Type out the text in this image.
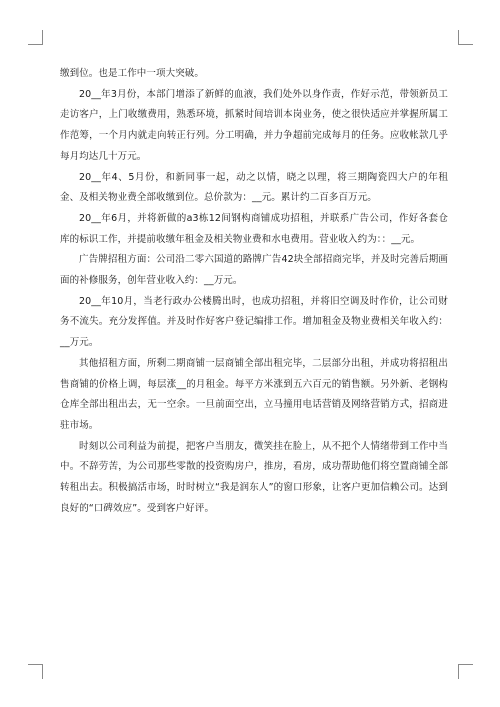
缴到位。也是工作中一项大突破。

20__年3月份，本部门增添了新鲜的血液，我们处外以身作责，作好示范，带领新员工走访客户，上门收缴费用，熟悉环境，抓紧时间培训本岗业务，使之很快适应并掌握所属工作范筹，一个月内就走向转正行列。分工明确，并力争超前完成每月的任务。应收帐款几乎每月均达几十万元。

20__年4、5月份，和新同事一起，动之以情，晓之以理，将三期陶瓷四大户的年租金、及相关物业费全部收缴到位。总价款为：__元。累计约二百多百万元。

20__年6月，并将新做的a3栋12间钢构商铺成功招租，并联系广告公司，作好各套仓库的标识工作，并提前收缴年租金及相关物业费和水电费用。营业收入约为：：__元。

广告牌招租方面：公司沿二零六国道的路牌广告42块全部招商完毕，并及时完善后期画面的补修服务，创年营业收入约：__万元。

20__年10月，当老行政办公楼腾出时，也成功招租，并将旧空调及时作价，让公司财务不流失。充分发挥值。并及时作好客户登记编排工作。增加租金及物业费相关年收入约：__万元。

其他招租方面，所剩二期商铺一层商铺全部出租完毕，二层部分出租，并成功将招租出售商铺的价格上调，每层涨__的月租金。每平方米涨到五六百元的销售额。另外新、老钢构仓库全部出租出去，无一空余。一旦前面空出，立马撞用电话营销及网络营销方式，招商进驻市场。

时刻以公司利益为前提，把客户当朋友，微笑挂在脸上，从不把个人情绪带到工作中当中。不辞劳苦，为公司那些零散的投资购房户，推房，看房，成功帮助他们将空置商铺全部转租出去。积极搞活市场，时时树立“我是润东人”的窗口形象，让客户更加信赖公司。达到良好的“口碑效应”。受到客户好评。
